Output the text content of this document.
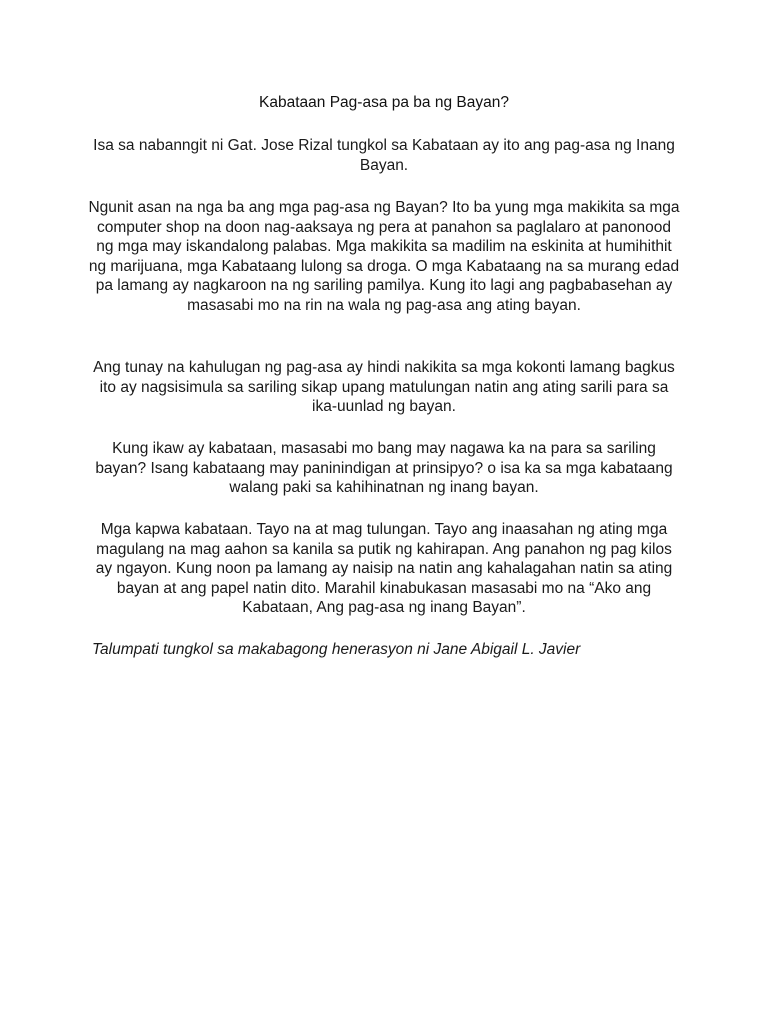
Kabataan Pag-asa pa ba ng Bayan?

Isa sa nabanngit ni Gat. Jose Rizal tungkol sa Kabataan ay ito ang pag-asa ng Inang Bayan.

Ngunit asan na nga ba ang mga pag-asa ng Bayan? Ito ba yung mga makikita sa mga computer shop na doon nag-aaksaya ng pera at panahon sa paglalaro at panonood ng mga may iskandalong palabas. Mga makikita sa madilim na eskinita at humihithit ng marijuana, mga Kabataang lulong sa droga. O mga Kabataang na sa murang edad pa lamang ay nagkaroon na ng sariling pamilya. Kung ito lagi ang pagbabasehan ay masasabi mo na rin na wala ng pag-asa ang ating bayan.

Ang tunay na kahulugan ng pag-asa ay hindi nakikita sa mga kokonti lamang bagkus ito ay nagsisimula sa sariling sikap upang matulungan natin ang ating sarili para sa ika-uunlad ng bayan.

Kung ikaw ay kabataan, masasabi mo bang may nagawa ka na para sa sariling bayan? Isang kabataang may paninindigan at prinsipyo? o isa ka sa mga kabataang walang paki sa kahihinatnan ng inang bayan.

Mga kapwa kabataan. Tayo na at mag tulungan. Tayo ang inaasahan ng ating mga magulang na mag aahon sa kanila sa putik ng kahirapan. Ang panahon ng pag kilos ay ngayon. Kung noon pa lamang ay naisip na natin ang kahalagahan natin sa ating bayan at ang papel natin dito. Marahil kinabukasan masasabi mo na “Ako ang Kabataan, Ang pag-asa ng inang Bayan”.

Talumpati tungkol sa makabagong henerasyon ni Jane Abigail L. Javier
